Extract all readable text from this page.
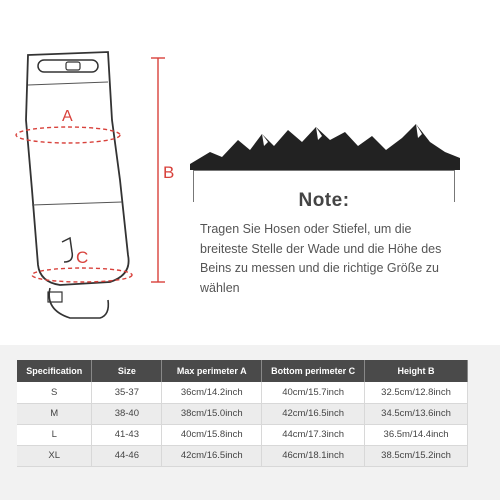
A
B
C
Note:

Tragen Sie Hosen oder Stiefel, um die breiteste Stelle der Wade und die Höhe des Beins zu messen und die richtige Größe zu wählen

Specification	Size	Max perimeter A	Bottom perimeter C	Height B
S	35-37	36cm/14.2inch	40cm/15.7inch	32.5cm/12.8inch
M	38-40	38cm/15.0inch	42cm/16.5inch	34.5cm/13.6inch
L	41-43	40cm/15.8inch	44cm/17.3inch	36.5m/14.4inch
XL	44-46	42cm/16.5inch	46cm/18.1inch	38.5cm/15.2inch
